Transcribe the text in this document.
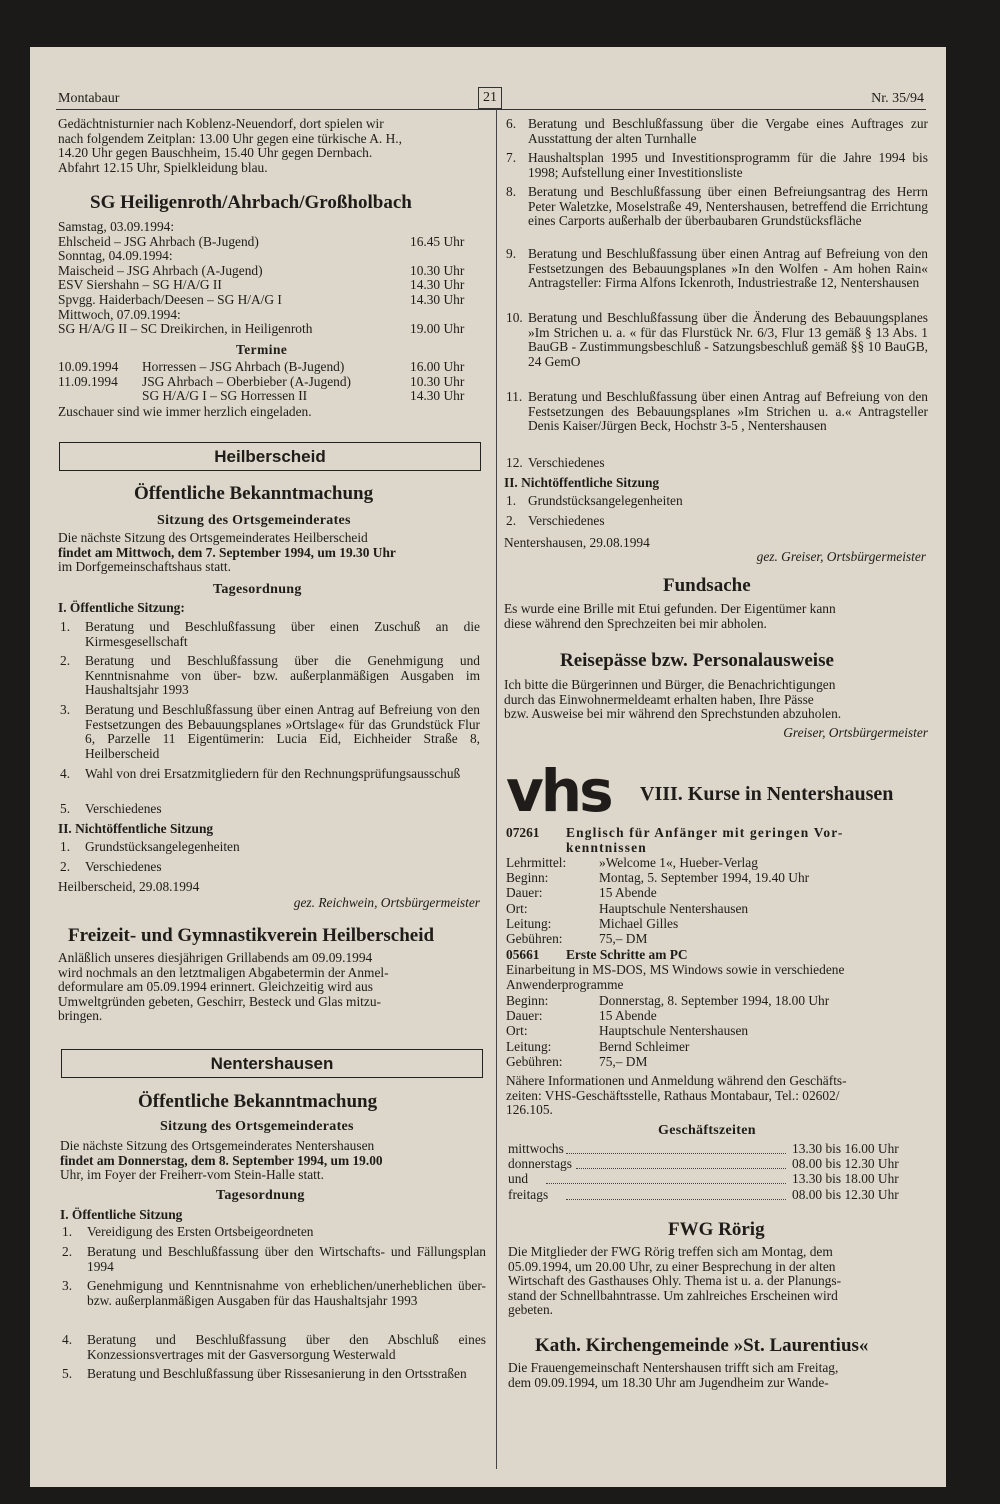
Montabaur	21	Nr. 35/94

Gedächtnisturnier nach Koblenz-Neuendorf, dort spielen wir

nach folgendem Zeitplan: 13.00 Uhr gegen eine türkische A. H.,

14.20 Uhr gegen Bauschheim, 15.40 Uhr gegen Dernbach.

Abfahrt 12.15 Uhr, Spielkleidung blau.

SG Heiligenroth/Ahrbach/Großholbach
Samstag, 03.09.1994:
Ehlscheid – JSG Ahrbach (B-Jugend)	16.45 Uhr
Sonntag, 04.09.1994:
Maischeid – JSG Ahrbach (A-Jugend)	10.30 Uhr
ESV Siershahn – SG H/A/G II	14.30 Uhr
Spvgg. Haiderbach/Deesen – SG H/A/G I	14.30 Uhr
Mittwoch, 07.09.1994:
SG H/A/G II – SC Dreikirchen, in Heiligenroth	19.00 Uhr
Termine
10.09.1994 Horressen – JSG Ahrbach (B-Jugend)	16.00 Uhr
11.09.1994 JSG Ahrbach – Oberbieber (A-Jugend)	10.30 Uhr
SG H/A/G I – SG Horressen II	14.30 Uhr
Zuschauer sind wie immer herzlich eingeladen.
Heilberscheid
Öffentliche Bekanntmachung
Sitzung des Ortsgemeinderates

Die nächste Sitzung des Ortsgemeinderates Heilberscheid

findet am Mittwoch, dem 7. September 1994, um 19.30 Uhr

im Dorfgemeinschaftshaus statt.

Tagesordnung
I. Öffentliche Sitzung:
1. Beratung und Beschlußfassung über einen Zuschuß an die Kirmesgesellschaft
2. Beratung und Beschlußfassung über die Genehmigung und Kenntnisnahme von über- bzw. außerplanmäßigen Ausgaben im Haushaltsjahr 1993
3. Beratung und Beschlußfassung über einen Antrag auf Befreiung von den Festsetzungen des Bebauungsplanes »Ortslage« für das Grundstück Flur 6, Parzelle 11 Eigentümerin: Lucia Eid, Eichheider Straße 8, Heilberscheid
4. Wahl von drei Ersatzmitgliedern für den Rechnungsprüfungsausschuß
5. Verschiedenes
II. Nichtöffentliche Sitzung
1. Grundstücksangelegenheiten
2. Verschiedenes
Heilberscheid, 29.08.1994
gez. Reichwein, Ortsbürgermeister
Freizeit- und Gymnastikverein Heilberscheid

Anläßlich unseres diesjährigen Grillabends am 09.09.1994

wird nochmals an den letztmaligen Abgabetermin der Anmel-

deformulare am 05.09.1994 erinnert. Gleichzeitig wird aus

Umweltgründen gebeten, Geschirr, Besteck und Glas mitzu-

bringen.

Nentershausen
Öffentliche Bekanntmachung
Sitzung des Ortsgemeinderates

Die nächste Sitzung des Ortsgemeinderates Nentershausen

findet am Donnerstag, dem 8. September 1994, um 19.00

Uhr, im Foyer der Freiherr-vom Stein-Halle statt.

Tagesordnung
I. Öffentliche Sitzung
1. Vereidigung des Ersten Ortsbeigeordneten
2. Beratung und Beschlußfassung über den Wirtschafts- und Fällungsplan 1994
3. Genehmigung und Kenntnisnahme von erheblichen/unerheblichen über- bzw. außerplanmäßigen Ausgaben für das Haushaltsjahr 1993
4. Beratung und Beschlußfassung über den Abschluß eines Konzessionsvertrages mit der Gasversorgung Westerwald
5. Beratung und Beschlußfassung über Rissesanierung in den Ortsstraßen
6. Beratung und Beschlußfassung über die Vergabe eines Auftrages zur Ausstattung der alten Turnhalle
7. Haushaltsplan 1995 und Investitionsprogramm für die Jahre 1994 bis 1998; Aufstellung einer Investitionsliste
8. Beratung und Beschlußfassung über einen Befreiungsantrag des Herrn Peter Waletzke, Moselstraße 49, Nentershausen, betreffend die Errichtung eines Carports außerhalb der überbaubaren Grundstücksfläche
9. Beratung und Beschlußfassung über einen Antrag auf Befreiung von den Festsetzungen des Bebauungsplanes »In den Wolfen - Am hohen Rain« Antragsteller: Firma Alfons Ickenroth, Industriestraße 12, Nentershausen
10. Beratung und Beschlußfassung über die Änderung des Bebauungsplanes »Im Strichen u. a. « für das Flurstück Nr. 6/3, Flur 13 gemäß § 13 Abs. 1 BauGB - Zustimmungsbeschluß - Satzungsbeschluß gemäß §§ 10 BauGB, 24 GemO
11. Beratung und Beschlußfassung über einen Antrag auf Befreiung von den Festsetzungen des Bebauungsplanes »Im Strichen u. a.« Antragsteller Denis Kaiser/Jürgen Beck, Hochstr 3-5 , Nentershausen
12. Verschiedenes
II. Nichtöffentliche Sitzung
1. Grundstücksangelegenheiten
2. Verschiedenes
Nentershausen, 29.08.1994
gez. Greiser, Ortsbürgermeister
Fundsache

Es wurde eine Brille mit Etui gefunden. Der Eigentümer kann

diese während den Sprechzeiten bei mir abholen.

Reisepässe bzw. Personalausweise

Ich bitte die Bürgerinnen und Bürger, die Benachrichtigungen

durch das Einwohnermeldeamt erhalten haben, Ihre Pässe

bzw. Ausweise bei mir während den Sprechstunden abzuholen.

Greiser, Ortsbürgermeister
vhs VIII. Kurse in Nentershausen
07261 Englisch für Anfänger mit geringen Vor-
kenntnissen
Lehrmittel: »Welcome 1«, Hueber-Verlag
Beginn:	Montag, 5. September 1994, 19.40 Uhr
Dauer:	15 Abende
Ort:	Hauptschule Nentershausen
Leitung:	Michael Gilles
Gebühren:	75,– DM
05661 Erste Schritte am PC

Einarbeitung in MS-DOS, MS Windows sowie in verschiedene

Anwenderprogramme

Beginn:	Donnerstag, 8. September 1994, 18.00 Uhr
Dauer:	15 Abende
Ort:	Hauptschule Nentershausen
Leitung:	Bernd Schleimer
Gebühren:	75,– DM

Nähere Informationen und Anmeldung während den Geschäfts-

zeiten: VHS-Geschäftsstelle, Rathaus Montabaur, Tel.: 02602/

126.105.

Geschäftszeiten
mittwochs	13.30 bis 16.00 Uhr
donnerstags	08.00 bis 12.30 Uhr
und	13.30 bis 18.00 Uhr
freitags	08.00 bis 12.30 Uhr
FWG Rörig

Die Mitglieder der FWG Rörig treffen sich am Montag, dem

05.09.1994, um 20.00 Uhr, zu einer Besprechung in der alten

Wirtschaft des Gasthauses Ohly. Thema ist u. a. der Planungs-

stand der Schnellbahntrasse. Um zahlreiches Erscheinen wird

gebeten.

Kath. Kirchengemeinde »St. Laurentius«

Die Frauengemeinschaft Nentershausen trifft sich am Freitag,

dem 09.09.1994, um 18.30 Uhr am Jugendheim zur Wande-
